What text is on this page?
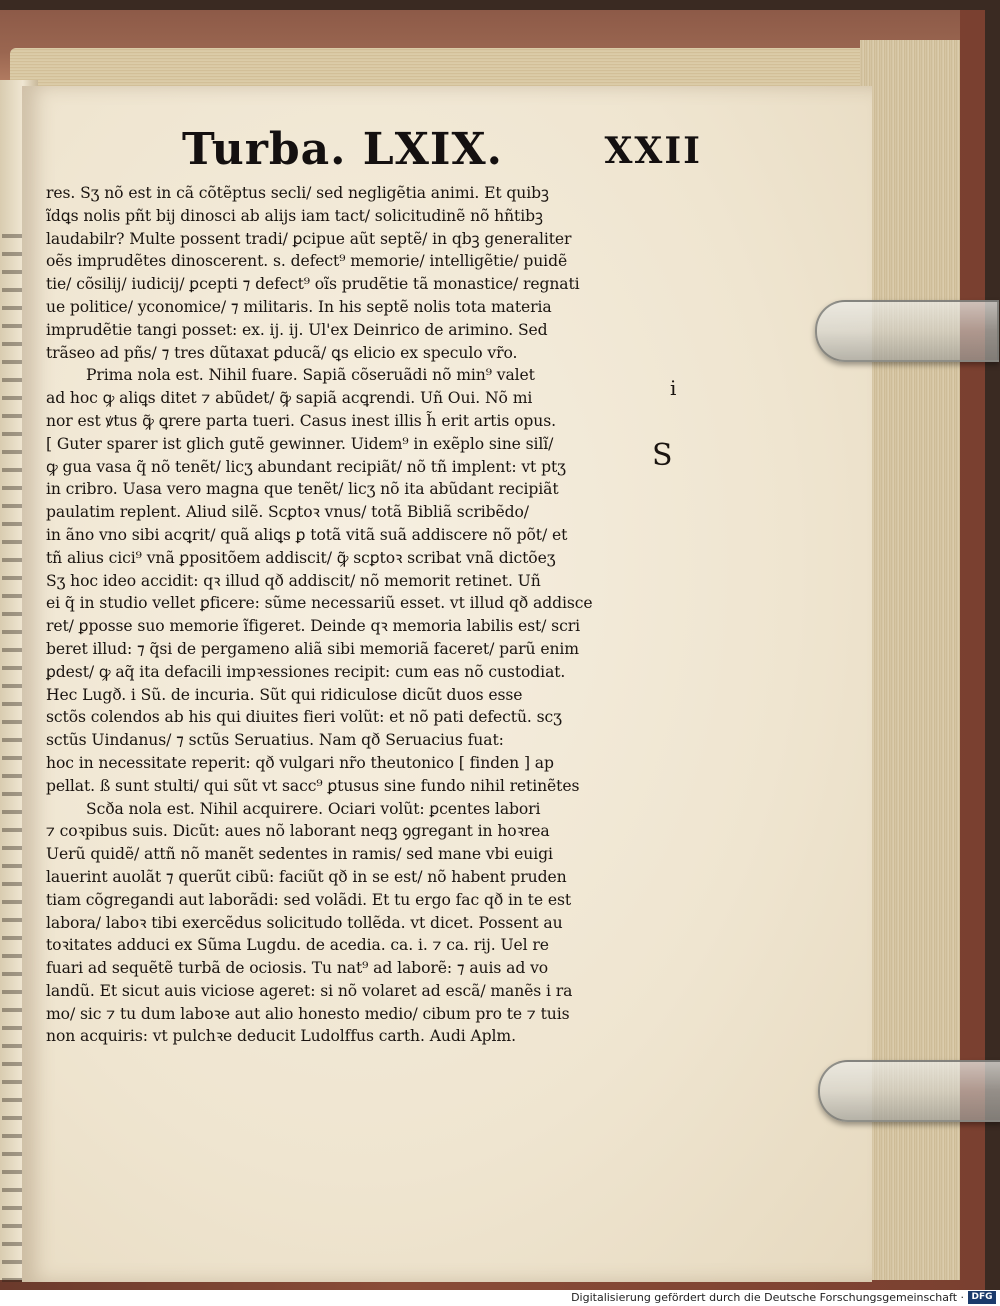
Turba. LXIX.	XXII
res. Sʒ nõ est in cã cõtẽptus secli/ sed negligẽtia animi. Et quibꝫ
ĩdꝗs nolis pñt bij dinosci ab alijs iam tact/ solicitudinẽ nõ hñtibꝫ
laudabilr? Multe possent tradi/ ꝑcipue aũt septẽ/ in qbꝫ generaliter
oẽs imprudẽtes dinoscerent. s. defect⁹ memorie/ intelligẽtie/ puidẽ
tie/ cõsilij/ iudicij/ ꝑcepti ⁊ defect⁹ oĩs prudẽtie tã monastice/ regnati
ue politice/ yconomice/ ⁊ militaris. In his septẽ nolis tota materia
imprudẽtie tangi posset: ex. ij. ij. Ul'ex Deinrico de arimino. Sed
trãseo ad pñs/ ⁊ tres dũtaxat ꝑducã/ ꝗs elicio ex speculo vr̃o.
Prima nola est. Nihil fuare. Sapiã cõseruãdi nõ min⁹ valet
ad hoc ꝙ aliꝗs ditet ⁊ abũdet/ ꝙ̃ sapiã acꝗrendi. Uñ Oui. Nõ mi
nor est ꝟtus ꝙ̃ ꝗrere parta tueri. Casus inest illis h̃ erit artis opus.
[ Guter sparer ist glich gutẽ gewinner. Uidem⁹ in exẽplo sine silĩ/
ꝙ gua vasa q̃ nõ tenẽt/ licʒ abundant recipiãt/ nõ tñ implent: vt ptʒ
in cribro. Uasa vero magna que tenẽt/ licʒ nõ ita abũdant recipiãt
paulatim replent. Aliud silẽ. Scꝑtoꝛ vnus/ totã Bibliã scribẽdo/
in ãno vno sibi acꝗrit/ quã aliꝗs ꝑ totã vitã suã addiscere nõ põt/ et
tñ alius cici⁹ vnã ꝑpositõem addiscit/ ꝙ̃ scꝑtoꝛ scribat vnã dictõeʒ
Sʒ hoc ideo accidit: qꝛ illud qð addiscit/ nõ memorit retinet. Uñ
ei q̃ in studio vellet ꝑficere: sũme necessariũ esset. vt illud qð addisce
ret/ ꝑposse suo memorie ĩfigeret. Deinde qꝛ memoria labilis est/ scri
beret illud: ⁊ q̃si de pergameno aliã sibi memoriã faceret/ parũ enim
ꝑdest/ ꝙ aq̃ ita defacili impꝛessiones recipit: cum eas nõ custodiat.
Hec Lugð. i Sũ. de incuria. Sũt qui ridiculose dicũt duos esse
sctõs colendos ab his qui diuites fieri volũt: et nõ pati defectũ. scʒ
sctũs Uindanus/ ⁊ sctũs Seruatius. Nam qð Seruacius fuat:
hoc in necessitate reperit: qð vulgari nr̃o theutonico [ finden ] ap
pellat. ß sunt stulti/ qui sũt vt sacc⁹ ꝑtusus sine fundo nihil retinẽtes
Scða nola est. Nihil acquirere. Ociari volũt: ꝑcentes labori
⁊ coꝛpibus suis. Dicũt: aues nõ laborant neqꝫ ꝯgregant in hoꝛrea
Uerũ quidẽ/ attñ nõ manẽt sedentes in ramis/ sed mane vbi euigi
lauerint auolãt ⁊ querũt cibũ: faciũt qð in se est/ nõ habent pruden
tiam cõgregandi aut laborãdi: sed volãdi. Et tu ergo fac qð in te est
labora/ laboꝛ tibi exercẽdus solicitudo tollẽda. vt dicet. Possent au
toꝛitates adduci ex Sũma Lugdu. de acedia. ca. i. ⁊ ca. rij. Uel re
fuari ad sequẽtẽ turbã de ociosis. Tu nat⁹ ad laborẽ: ⁊ auis ad vo
landũ. Et sicut auis viciose ageret: si nõ volaret ad escã/ manẽs i ra
mo/ sic ⁊ tu dum laboꝛe aut alio honesto medio/ cibum pro te ⁊ tuis
non acquiris: vt pulchꝛe deducit Ludolffus carth. Audi Aplm.
i
S
Digitalisierung gefördert durch die Deutsche Forschungsgemeinschaft · DFG
